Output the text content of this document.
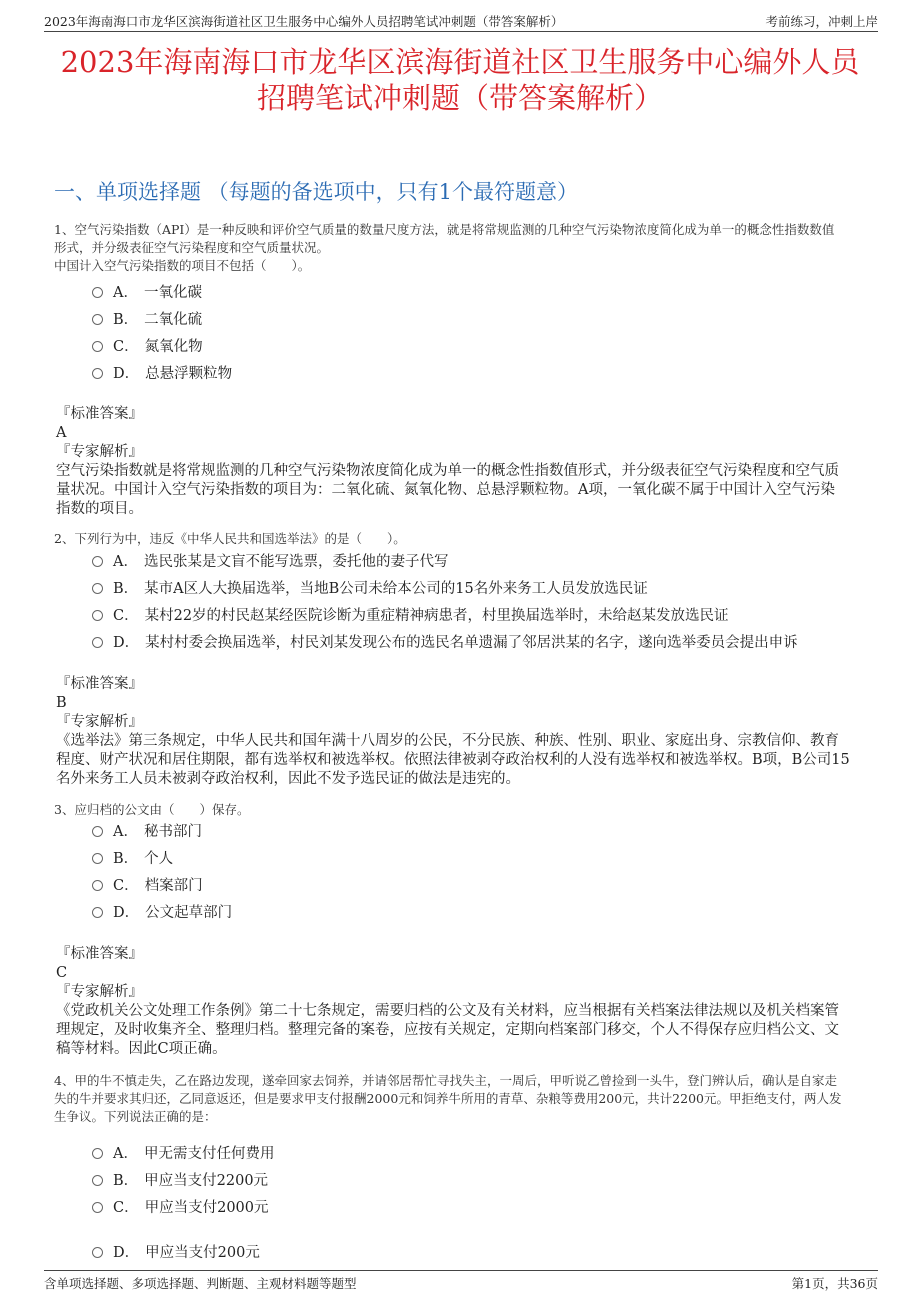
2023年海南海口市龙华区滨海街道社区卫生服务中心编外人员招聘笔试冲刺题（带答案解析）	考前练习，冲刺上岸
2023年海南海口市龙华区滨海街道社区卫生服务中心编外人员
招聘笔试冲刺题（带答案解析）
一、单项选择题 （每题的备选项中，只有1个最符题意）
1、空气污染指数（API）是一种反映和评价空气质量的数量尺度方法，就是将常规监测的几种空气污染物浓度简化成为单一的概念性指数数值
形式，并分级表征空气污染程度和空气质量状况。
中国计入空气污染指数的项目不包括（　　）。
A． 一氧化碳
B． 二氧化硫
C． 氮氧化物
D． 总悬浮颗粒物

『标准答案』

A

『专家解析』

空气污染指数就是将常规监测的几种空气污染物浓度简化成为单一的概念性指数值形式，并分级表征空气污染程度和空气质

量状况。中国计入空气污染指数的项目为：二氧化硫、氮氧化物、总悬浮颗粒物。A项，一氧化碳不属于中国计入空气污染

指数的项目。

2、下列行为中，违反《中华人民共和国选举法》的是（　　）。
A． 选民张某是文盲不能写选票，委托他的妻子代写
B． 某市A区人大换届选举，当地B公司未给本公司的15名外来务工人员发放选民证
C． 某村22岁的村民赵某经医院诊断为重症精神病患者，村里换届选举时，未给赵某发放选民证
D． 某村村委会换届选举，村民刘某发现公布的选民名单遗漏了邻居洪某的名字，遂向选举委员会提出申诉

『标准答案』

B

『专家解析』

《选举法》第三条规定，中华人民共和国年满十八周岁的公民，不分民族、种族、性别、职业、家庭出身、宗教信仰、教育

程度、财产状况和居住期限，都有选举权和被选举权。依照法律被剥夺政治权利的人没有选举权和被选举权。B项，B公司15

名外来务工人员未被剥夺政治权利，因此不发予选民证的做法是违宪的。

3、应归档的公文由（　　）保存。
A． 秘书部门
B． 个人
C． 档案部门
D． 公文起草部门

『标准答案』

C

『专家解析』

《党政机关公文处理工作条例》第二十七条规定，需要归档的公文及有关材料，应当根据有关档案法律法规以及机关档案管

理规定，及时收集齐全、整理归档。整理完备的案卷，应按有关规定，定期向档案部门移交，个人不得保存应归档公文、文

稿等材料。因此C项正确。

4、甲的牛不慎走失，乙在路边发现，遂牵回家去饲养，并请邻居帮忙寻找失主，一周后，甲听说乙曾捡到一头牛，登门辨认后，确认是自家走
失的牛并要求其归还，乙同意返还，但是要求甲支付报酬2000元和饲养牛所用的青草、杂粮等费用200元，共计2200元。甲拒绝支付，两人发
生争议。下列说法正确的是：
A． 甲无需支付任何费用
B． 甲应当支付2200元
C． 甲应当支付2000元
D． 甲应当支付200元
含单项选择题、多项选择题、判断题、主观材料题等题型	第1页，共36页
